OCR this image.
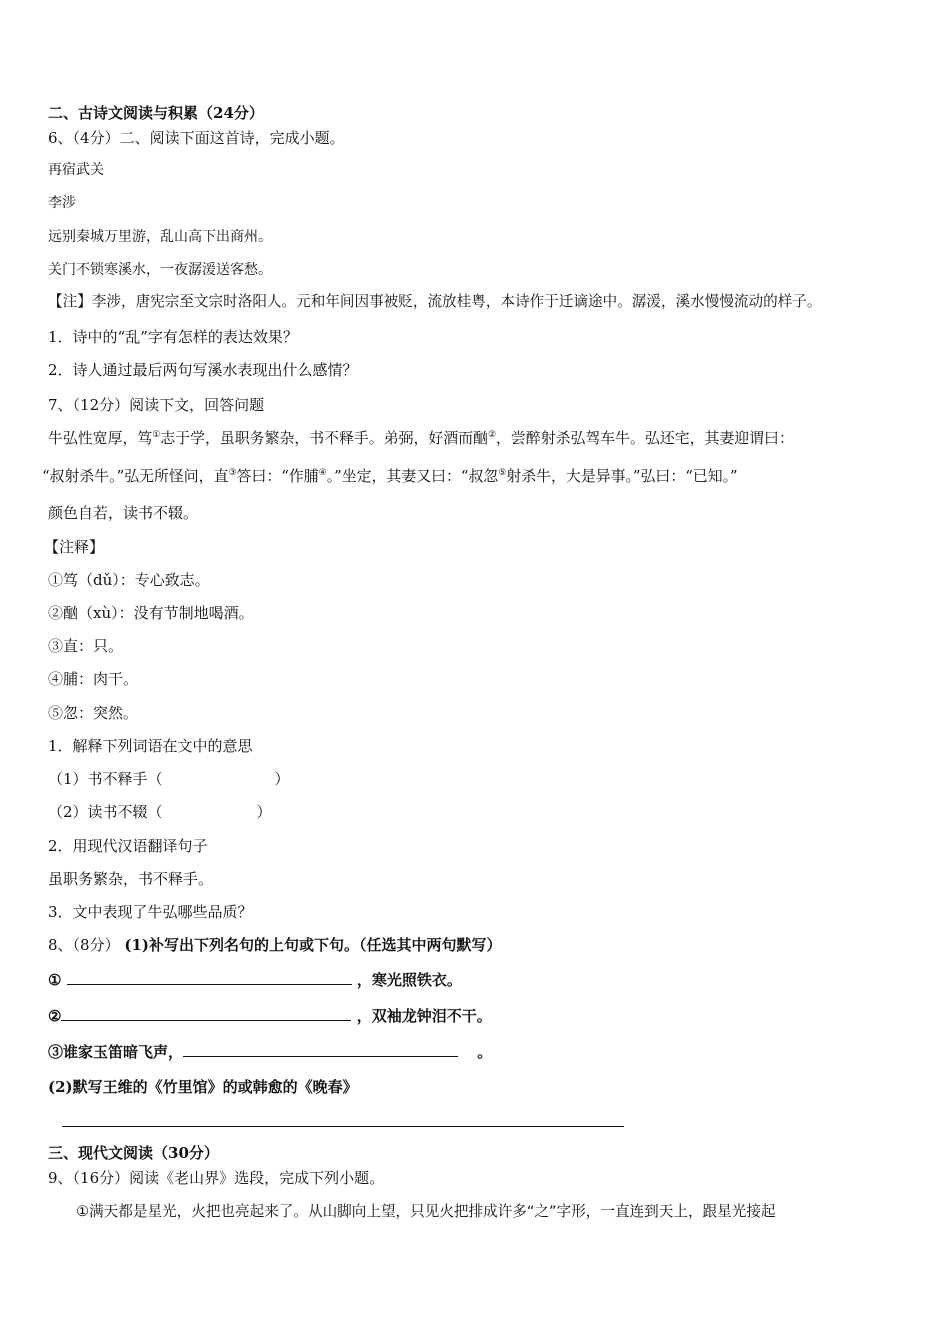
二、古诗文阅读与积累（24分）
6、（4分）二、阅读下面这首诗，完成小题。
再宿武关
李涉
远别秦城万里游，乱山高下出商州。
关门不锁寒溪水，一夜潺湲送客愁。
【注】李涉，唐宪宗至文宗时洛阳人。元和年间因事被贬，流放桂粤，本诗作于迁谪途中。潺湲，溪水慢慢流动的样子。
1．诗中的“乱”字有怎样的表达效果？
2．诗人通过最后两句写溪水表现出什么感情？
7、（12分）阅读下文，回答问题
牛弘性宽厚，笃①志于学，虽职务繁杂，书不释手。弟弼，好酒而酗②，尝醉射杀弘驾车牛。弘还宅，其妻迎谓曰：
“叔射杀牛。”弘无所怪问，直③答曰：“作脯④。”坐定，其妻又曰：“叔忽⑤射杀牛，大是异事。”弘曰：“已知。”
颜色自若，读书不辍。
【注释】
①笃（dǔ）：专心致志。
②酗（xù）：没有节制地喝酒。
③直：只。
④脯：肉干。
⑤忽：突然。
1．解释下列词语在文中的意思
（1）书不释手（	）
（2）读书不辍（	）
2．用现代汉语翻译句子
虽职务繁杂，书不释手。
3．文中表现了牛弘哪些品质？
8、（8分） (1)补写出下列名句的上句或下句。（任选其中两句默写）
①	，寒光照铁衣。
②	，双袖龙钟泪不干。
③谁家玉笛暗飞声，	。
(2)默写王维的《竹里馆》的或韩愈的《晚春》
三、现代文阅读（30分）
9、（16分）阅读《老山界》选段，完成下列小题。
①满天都是星光，火把也亮起来了。从山脚向上望，只见火把排成许多“之”字形，一直连到天上，跟星光接起
